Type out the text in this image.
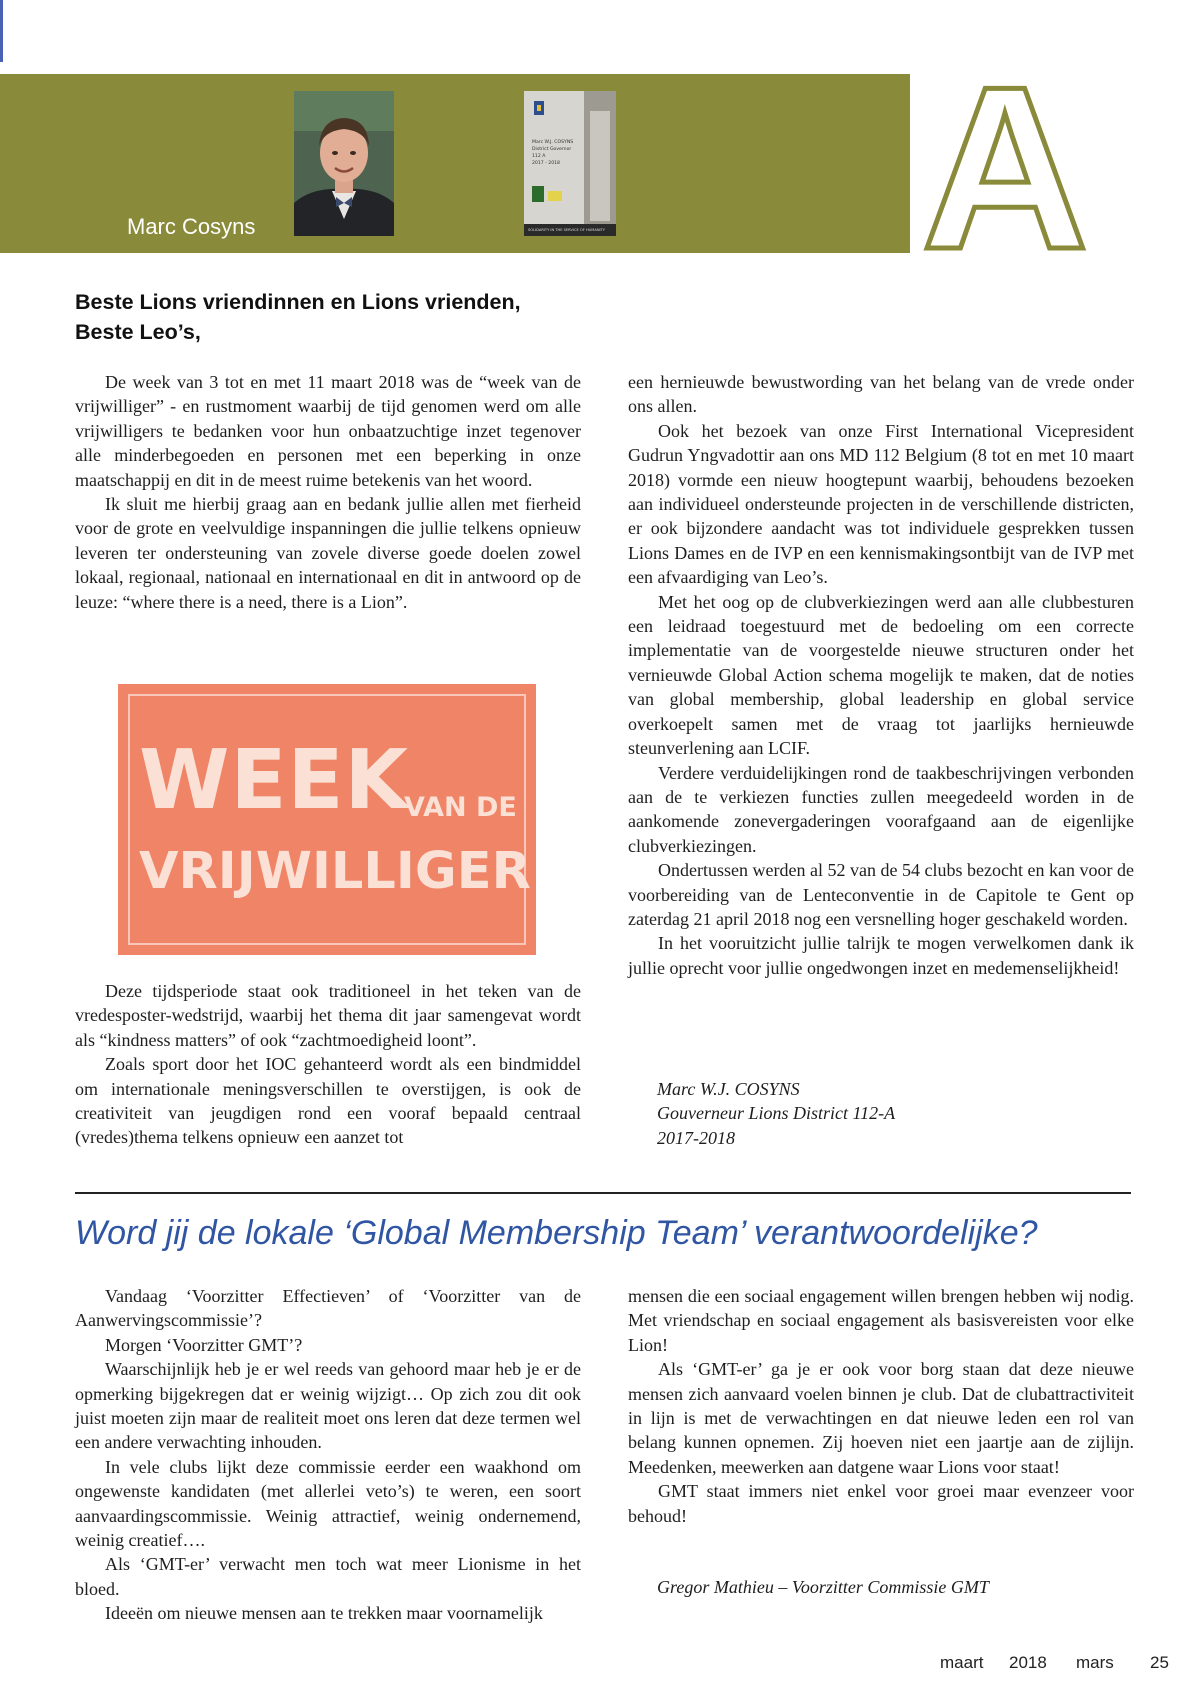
Marc Cosyns	SOLIDARITY IN THE SERVICE OF HUMANITY
Marc W.J. COSYNS
District Governor
112 A
2017 - 2018 A
Beste Lions vriendinnen en Lions vrienden,
Beste Leo’s,

De week van 3 tot en met 11 maart 2018 was de “week van de vrijwilliger” - en rustmoment waarbij de tijd genomen werd om alle vrijwilligers te bedanken voor hun onbaatzuchtige inzet tegenover alle minderbegoeden en personen met een beperking in onze maatschappij en dit in de meest ruime betekenis van het woord.

Ik sluit me hierbij graag aan en bedank jullie allen met fierheid voor de grote en veelvuldige inspanningen die jullie telkens opnieuw leveren ter ondersteuning van zovele diverse goede doelen zowel lokaal, regionaal, nationaal en internationaal en dit in antwoord op de leuze: “where there is a need, there is a Lion”.

WEEK
VAN DE
VRIJWILLIGER

Deze tijdsperiode staat ook traditioneel in het teken van de vredesposter-wedstrijd, waarbij het thema dit jaar samengevat wordt als “kindness matters” of ook “zachtmoedigheid loont”.

Zoals sport door het IOC gehanteerd wordt als een bindmiddel om internationale meningsverschillen te overstijgen, is ook de creativiteit van jeugdigen rond een vooraf bepaald centraal (vredes)thema telkens opnieuw een aanzet tot

een hernieuwde bewustwording van het belang van de vrede onder ons allen.

Ook het bezoek van onze First International Vicepresident Gudrun Yngvadottir aan ons MD 112 Belgium (8 tot en met 10 maart 2018) vormde een nieuw hoogtepunt waarbij, behoudens bezoeken aan individueel ondersteunde projecten in de verschillende districten, er ook bijzondere aandacht was tot individuele gesprekken tussen Lions Dames en de IVP en een kennismakingsontbijt van de IVP met een afvaardiging van Leo’s.

Met het oog op de clubverkiezingen werd aan alle clubbesturen een leidraad toegestuurd met de bedoeling om een correcte implementatie van de voorgestelde nieuwe structuren onder het vernieuwde Global Action schema mogelijk te maken, dat de noties van global membership, global leadership en global service overkoepelt samen met de vraag tot jaarlijks hernieuwde steunverlening aan LCIF.

Verdere verduidelijkingen rond de taakbeschrijvingen verbonden aan de te verkiezen functies zullen meegedeeld worden in de aankomende zonevergaderingen voorafgaand aan de eigenlijke clubverkiezingen.

Ondertussen werden al 52 van de 54 clubs bezocht en kan voor de voorbereiding van de Lenteconventie in de Capitole te Gent op zaterdag 21 april 2018 nog een versnelling hoger geschakeld worden.

In het vooruitzicht jullie talrijk te mogen verwelkomen dank ik jullie oprecht voor jullie ongedwongen inzet en medemenselijkheid!

Marc W.J. COSYNS
Gouverneur Lions District 112-A
2017-2018
Word jij de lokale ‘Global Membership Team’ verantwoordelijke?

Vandaag ‘Voorzitter Effectieven’ of ‘Voorzitter van de Aanwervingscommissie’?

Morgen ‘Voorzitter GMT’?

Waarschijnlijk heb je er wel reeds van gehoord maar heb je er de opmerking bijgekregen dat er weinig wijzigt… Op zich zou dit ook juist moeten zijn maar de realiteit moet ons leren dat deze termen wel een andere verwachting inhouden.

In vele clubs lijkt deze commissie eerder een waakhond om ongewenste kandidaten (met allerlei veto’s) te weren, een soort aanvaardingscommissie. Weinig attractief, weinig ondernemend, weinig creatief….

Als ‘GMT-er’ verwacht men toch wat meer Lionisme in het bloed.

Ideeën om nieuwe mensen aan te trekken maar voornamelijk

mensen die een sociaal engagement willen brengen hebben wij nodig. Met vriendschap en sociaal engagement als basisvereisten voor elke Lion!

Als ‘GMT-er’ ga je er ook voor borg staan dat deze nieuwe mensen zich aanvaard voelen binnen je club. Dat de clubattractiviteit in lijn is met de verwachtingen en dat nieuwe leden een rol van belang kunnen opnemen. Zij hoeven niet een jaartje aan de zijlijn. Meedenken, meewerken aan datgene waar Lions voor staat!

GMT staat immers niet enkel voor groei maar evenzeer voor behoud!

Gregor Mathieu – Voorzitter Commissie GMT
maart 2018 mars 25
